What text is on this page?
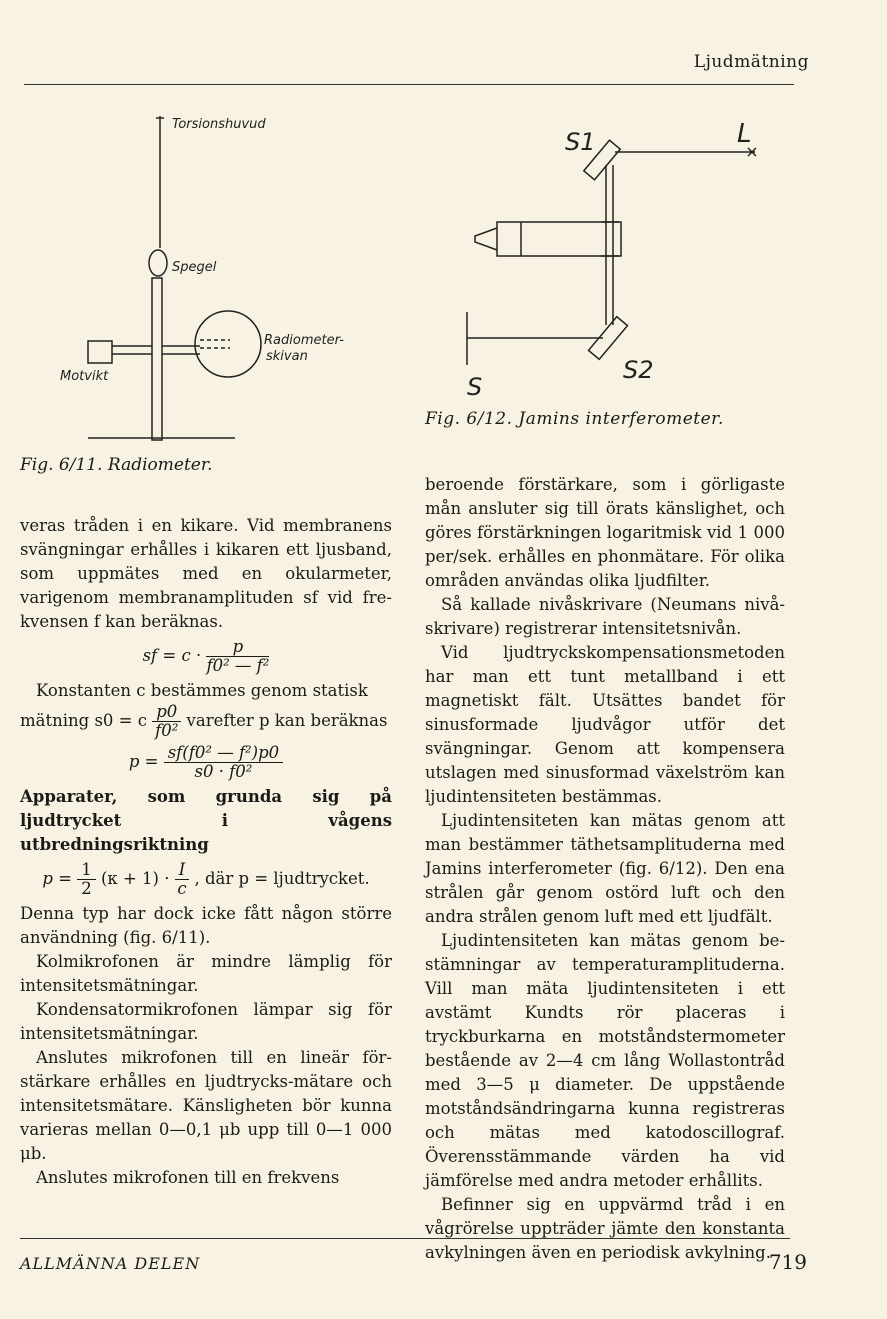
Ljudmätning
Torsionshuvud
Spegel
Radiometer-
skivan
Motvikt
Fig. 6/11. Radiometer.
S1	L
S
S2
Fig. 6/12. Jamins interferometer.

veras tråden i en kikare. Vid membranens svängningar erhålles i kikaren ett ljusband, som uppmätes med en okularmeter, varigenom membranamplituden sf vid frekvensen f kan beräknas.

sf = $c \cdot \frac{p}{\text{f0² — f²}}$

Konstanten c bestämmes genom statisk

mätning s0 = c $\frac{p0}{\text{f0²}}$ varefter p kan beräknas

$p = \frac{\text{sf(f0² — f²)p0}}{\text{s0 · f0²}}$

Apparater, som grunda sig på ljudtrycket i vågens utbredningsriktning

$p = \frac{1}{2} (\kappa + 1) \cdot \frac{I}{c}$ , där p = ljudtrycket.

Denna typ har dock icke fått någon större användning (fig. 6/11).

Kolmikrofonen är mindre lämplig för intensitetsmätningar.

Kondensatormikrofonen lämpar sig för intensitetsmätningar.

Anslutes mikrofonen till en lineär förstärkare erhålles en ljudtrycks-mätare och intensitetsmätare. Känsligheten bör kunna varieras mellan 0—0,1 μb upp till 0—1 000 μb.

Anslutes mikrofonen till en frekvens

beroende förstärkare, som i görligaste mån ansluter sig till örats känslighet, och göres förstärkningen logaritmisk vid 1 000 per/sek. erhålles en phonmätare. För olika områden användas olika ljudfilter.

Så kallade nivåskrivare (Neumans nivåskrivare) registrerar intensitetsnivån.

Vid ljudtryckskompensationsmetoden har man ett tunt metallband i ett magnetiskt fält. Utsättes bandet för sinusformade ljudvågor utför det svängningar. Genom att kompensera utslagen med sinusformad växelström kan ljudintensiteten bestämmas.

Ljudintensiteten kan mätas genom att man bestämmer täthetsamplituderna med Jamins interferometer (fig. 6/12). Den ena strålen går genom ostörd luft och den andra strålen genom luft med ett ljudfält.

Ljudintensiteten kan mätas genom bestämningar av temperaturamplituderna. Vill man mäta ljudintensiteten i ett avstämt Kundts rör placeras i tryckburkarna en motståndstermometer bestående av 2—4 cm lång Wollastontråd med 3—5 μ diameter. De uppstående motståndsändringarna kunna registreras och mätas med katodoscillograf. Överensstämmande värden ha vid jämförelse med andra metoder erhållits.

Befinner sig en uppvärmd tråd i en vågrörelse uppträder jämte den konstanta avkylningen även en periodisk avkylning.

ALLMÄNNA DELEN	719
